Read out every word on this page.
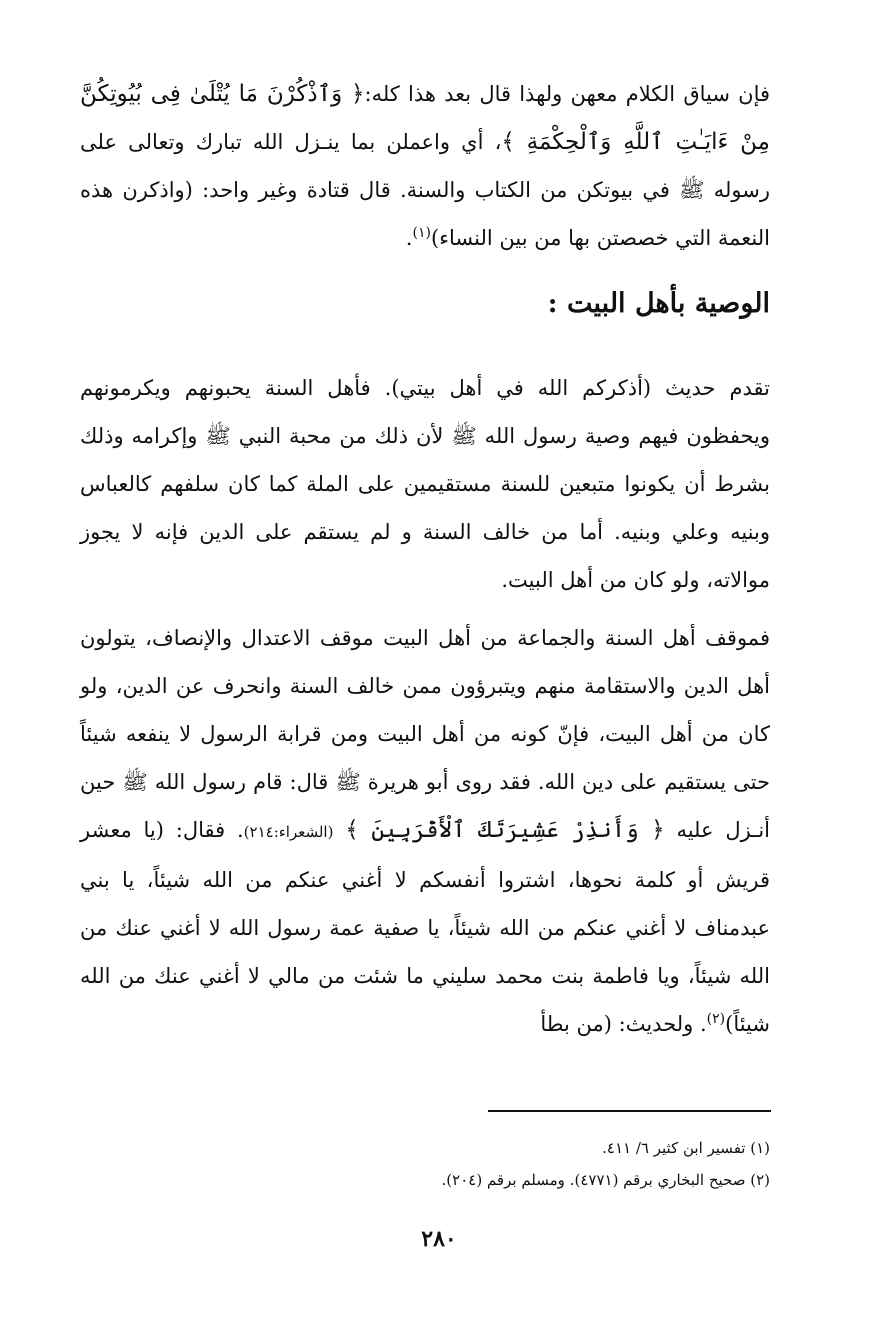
فإن سياق الكلام معهن ولهذا قال بعد هذا كله:﴿ وَٱذْكُرْنَ مَا يُتْلَىٰ فِى بُيُوتِكُنَّ مِنْ ءَايَـٰتِ ٱللَّهِ وَٱلْحِكْمَةِ ﴾، أي واعملن بما ينـزل الله تبارك وتعالى على رسوله ﷺ في بيوتكن من الكتاب والسنة. قال قتادة وغير واحد: (واذكرن هذه النعمة التي خصصتن بها من بين النساء)$^{(١)}$.

الوصية بأهل البيت :

تقدم حديث (أذكركم الله في أهل بيتي). فأهل السنة يحبونهم ويكرمونهم ويحفظون فيهم وصية رسول الله ﷺ لأن ذلك من محبة النبي ﷺ وإكرامه وذلك بشرط أن يكونوا متبعين للسنة مستقيمين على الملة كما كان سلفهم كالعباس وبنيه وعلي وبنيه. أما من خالف السنة و لم يستقم على الدين فإنه لا يجوز موالاته، ولو كان من أهل البيت.

فموقف أهل السنة والجماعة من أهل البيت موقف الاعتدال والإنصاف، يتولون أهل الدين والاستقامة منهم ويتبرؤون ممن خالف السنة وانحرف عن الدين، ولو كان من أهل البيت، فإنّ كونه من أهل البيت ومن قرابة الرسول لا ينفعه شيئاً حتى يستقيم على دين الله. فقد روى أبو هريرة ﷺ قال: قام رسول الله ﷺ حين أنـزل عليه ﴿ وَأَنذِرْ عَشِيرَتَكَ ٱلْأَقْرَبِينَ ﴾ (الشعراء:٢١٤). فقال: (يا معشر قريش أو كلمة نحوها، اشتروا أنفسكم لا أغني عنكم من الله شيئاً، يا بني عبدمناف لا أغني عنكم من الله شيئاً، يا صفية عمة رسول الله لا أغني عنك من الله شيئاً، ويا فاطمة بنت محمد سليني ما شئت من مالي لا أغني عنك من الله شيئاً)$^{(٢)}$. ولحديث: (من بطأ

(١) تفسير ابن كثير ٦/ ٤١١.
(٢) صحيح البخاري برقم (٤٧٧١). ومسلم برقم (٢٠٤).
٢٨٠
